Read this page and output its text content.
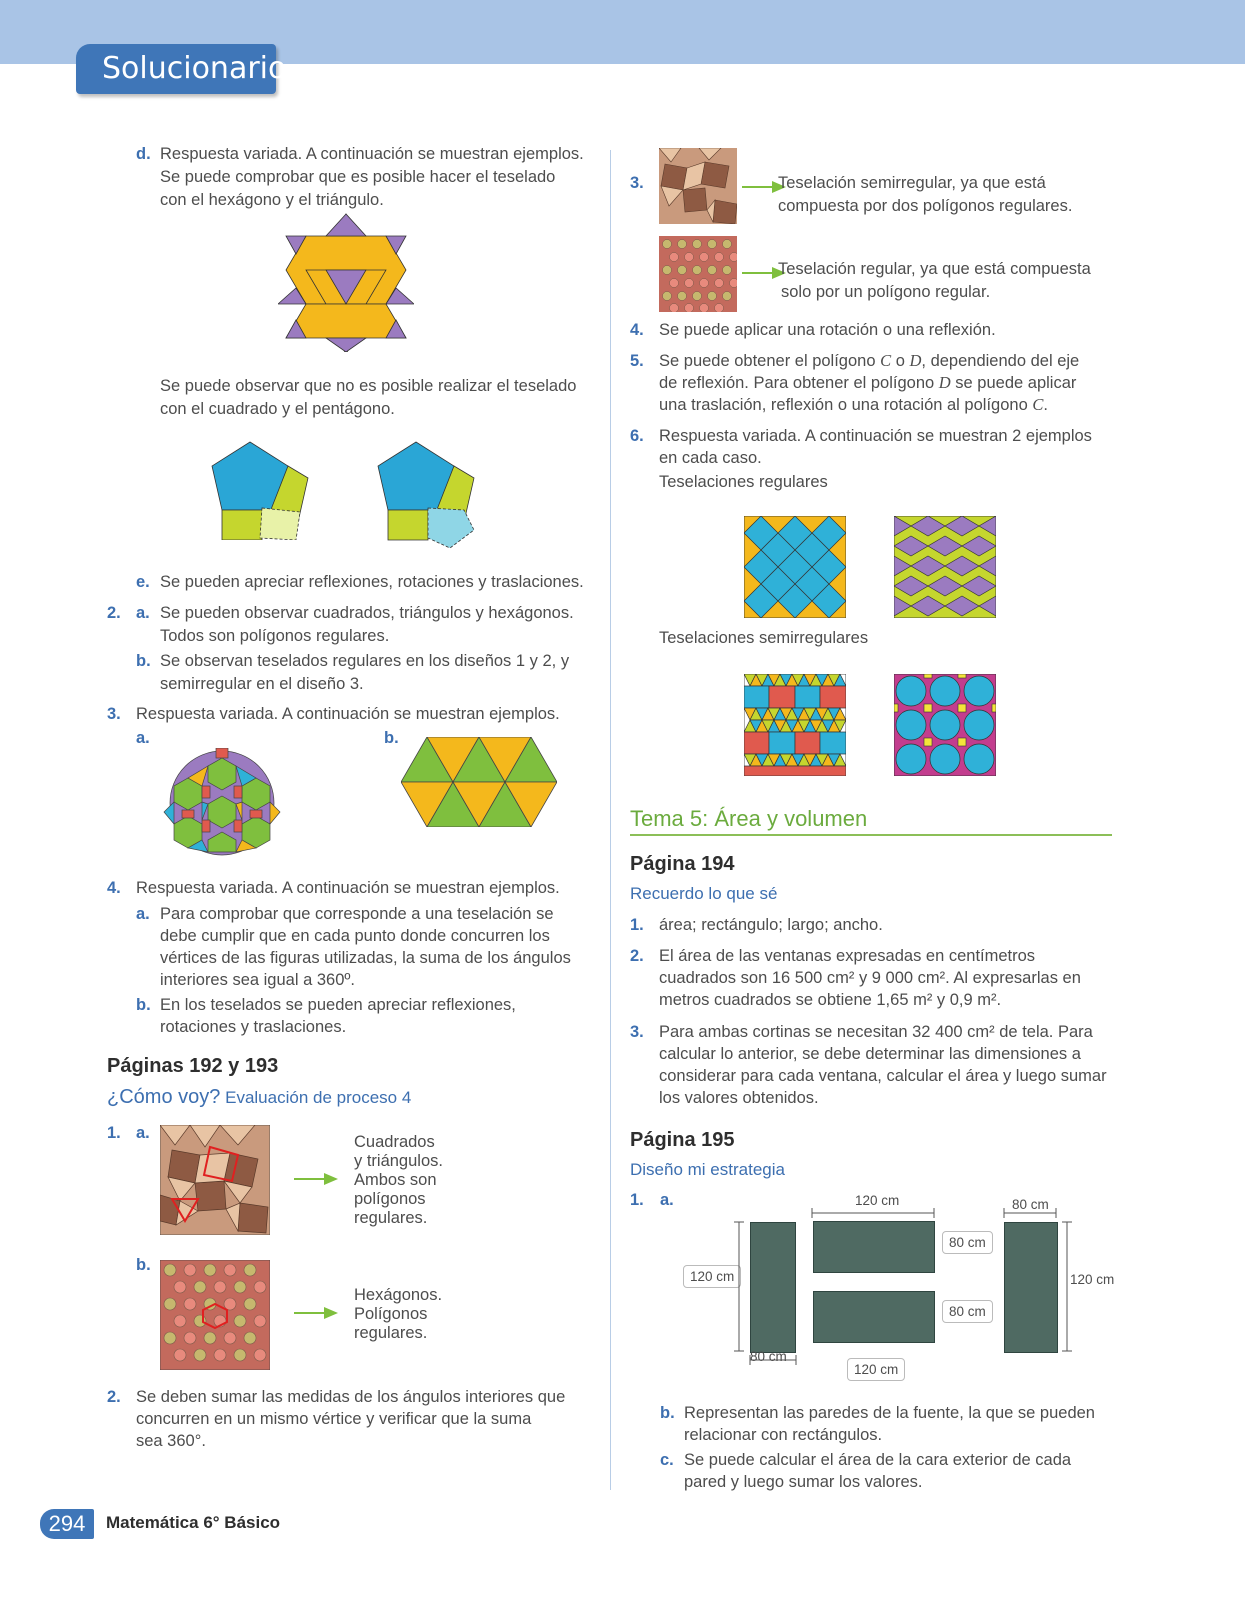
Solucionario
d. Respuesta variada. A continuación se muestran ejemplos.
Se puede comprobar que es posible hacer el teselado
con el hexágono y el triángulo.
Se puede observar que no es posible realizar el teselado
con el cuadrado y el pentágono.
e. Se pueden apreciar reflexiones, rotaciones y traslaciones.
2. a. Se pueden observar cuadrados, triángulos y hexágonos.
Todos son polígonos regulares.
b. Se observan teselados regulares en los diseños 1 y 2, y
semirregular en el diseño 3.
3. Respuesta variada. A continuación se muestran ejemplos.
a.	b.
4. Respuesta variada. A continuación se muestran ejemplos.
a. Para comprobar que corresponde a una teselación se
debe cumplir que en cada punto donde concurren los
vértices de las figuras utilizadas, la suma de los ángulos
interiores sea igual a 360º.
b. En los teselados se pueden apreciar reflexiones,
rotaciones y traslaciones.
Páginas 192 y 193
¿Cómo voy? Evaluación de proceso 4
1. a.	Cuadrados
y triángulos.
Ambos son
polígonos
regulares.
b.
Hexágonos.
Polígonos
regulares.
2. Se deben sumar las medidas de los ángulos interiores que
concurren en un mismo vértice y verificar que la suma
sea 360°.
3.	Teselación semirregular, ya que está
compuesta por dos polígonos regulares.
Teselación regular, ya que está compuesta
solo por un polígono regular.
4. Se puede aplicar una rotación o una reflexión.
5. Se puede obtener el polígono C o D, dependiendo del eje
de reflexión. Para obtener el polígono D se puede aplicar
una traslación, reflexión o una rotación al polígono C.
6. Respuesta variada. A continuación se muestran 2 ejemplos
en cada caso.
Teselaciones regulares
Teselaciones semirregulares
Tema 5: Área y volumen
Página 194
Recuerdo lo que sé
1. área; rectángulo; largo; ancho.
2. El área de las ventanas expresadas en centímetros
cuadrados son 16 500 cm² y 9 000 cm². Al expresarlas en
metros cuadrados se obtiene 1,65 m² y 0,9 m².
3. Para ambas cortinas se necesitan 32 400 cm² de tela. Para
calcular lo anterior, se debe determinar las dimensiones a
considerar para cada ventana, calcular el área y luego sumar
los valores obtenidos.
Página 195
Diseño mi estrategia
1. a.	120 cm	80 cm
80 cm
120 cm	120 cm
80 cm
80 cm
120 cm
b. Representan las paredes de la fuente, la que se pueden
relacionar con rectángulos.
c. Se puede calcular el área de la cara exterior de cada
pared y luego sumar los valores.
294	Matemática 6° Básico
